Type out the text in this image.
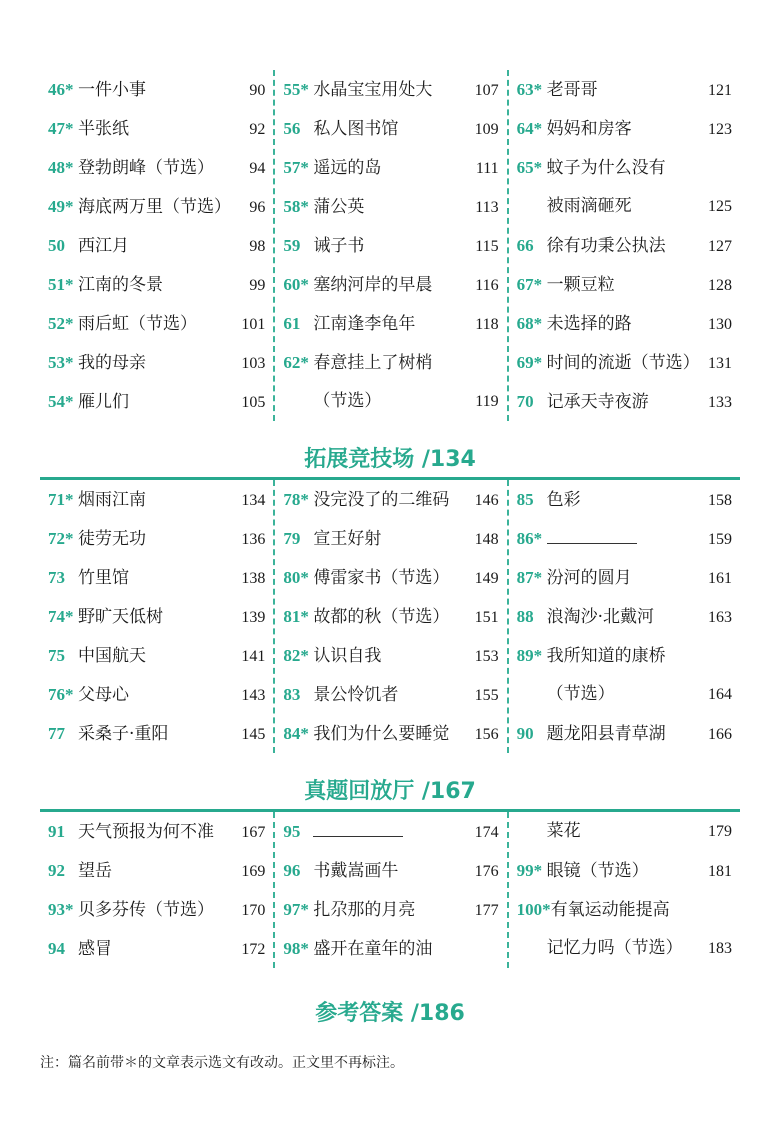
拓展竞技场 /134
真题回放厅 /167
46* 一件小事	90
47* 半张纸	92
48* 登勃朗峰（节选）	94
49* 海底两万里（节选）	96
50 西江月	98
51* 江南的冬景	99
52* 雨后虹（节选）	101
53* 我的母亲	103
54* 雁儿们	105
55* 水晶宝宝用处大	107
56 私人图书馆	109
57* 遥远的岛	111
58* 蒲公英	113
59 诫子书	115
60* 塞纳河岸的早晨	116
61 江南逢李龟年	118
62* 春意挂上了树梢
（节选）	119
63* 老哥哥	121
64* 妈妈和房客	123
65* 蚊子为什么没有
被雨滴砸死	125
66 徐有功秉公执法	127
67* 一颗豆粒	128
68* 未选择的路	130
69* 时间的流逝（节选） 131
70 记承天寺夜游	133
71* 烟雨江南	134
72* 徒劳无功	136
73 竹里馆	138
74* 野旷天低树	139
75 中国航天	141
76* 父母心	143
77 采桑子·重阳	145
78* 没完没了的二维码	146
79 宣王好射	148
80* 傅雷家书（节选）	149
81* 故都的秋（节选）	151
82* 认识自我	153
83 景公怜饥者	155
84* 我们为什么要睡觉	156
85 色彩	158
86*	159
87* 汾河的圆月	161
88 浪淘沙·北戴河	163
89* 我所知道的康桥
（节选）	164
90 题龙阳县青草湖	166
91 天气预报为何不准	167
92 望岳	169
93* 贝多芬传（节选）	170
94 感冒	172
95	174
96 书戴嵩画牛	176
97* 扎尕那的月亮	177
98* 盛开在童年的油
菜花	179
99* 眼镜（节选）	181
100* 有氧运动能提高
记忆力吗（节选）	183
参考答案 /186
注：篇名前带＊的文章表示选文有改动。正文里不再标注。
